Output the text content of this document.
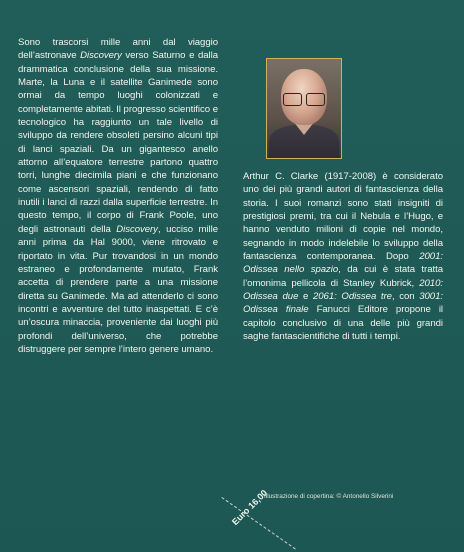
Sono trascorsi mille anni dal viaggio dell’astronave Discovery verso Saturno e dalla drammatica conclusione della sua missione. Marte, la Luna e il satellite Ganimede sono ormai da tempo luoghi colonizzati e completamente abitati. Il progresso scientifico e tecnologico ha raggiunto un tale livello di sviluppo da rendere obsoleti persino alcuni tipi di lanci spaziali. Da un gigantesco anello attorno all’equatore terrestre partono quattro torri, lunghe diecimila piani e che funzionano come ascensori spaziali, rendendo di fatto inutili i lanci di razzi dalla superficie terrestre. In questo tempo, il corpo di Frank Poole, uno degli astronauti della Discovery, ucciso mille anni prima da Hal 9000, viene ritrovato e riportato in vita. Pur trovandosi in un mondo estraneo e profondamente mutato, Frank accetta di prendere parte a una missione diretta su Ganimede. Ma ad attenderlo ci sono incontri e avventure del tutto inaspettati. E c’è un’oscura minaccia, proveniente dai luoghi più profondi dell’universo, che potrebbe distruggere per sempre l’intero genere umano.

Arthur C. Clarke (1917-2008) è considerato uno dei più grandi autori di fantascienza della storia. I suoi romanzi sono stati insigniti di prestigiosi premi, tra cui il Nebula e l’Hugo, e hanno venduto milioni di copie nel mondo, segnando in modo indelebile lo sviluppo della fantascienza contemporanea. Dopo 2001: Odissea nello spazio, da cui è stata tratta l’omonima pellicola di Stanley Kubrick, 2010: Odissea due e 2061: Odissea tre, con 3001: Odissea finale Fanucci Editore propone il capitolo conclusivo di una delle più grandi saghe fantascientifiche di tutti i tempi.

Illustrazione di copertina: © Antonello Silverini
Euro 16,00
